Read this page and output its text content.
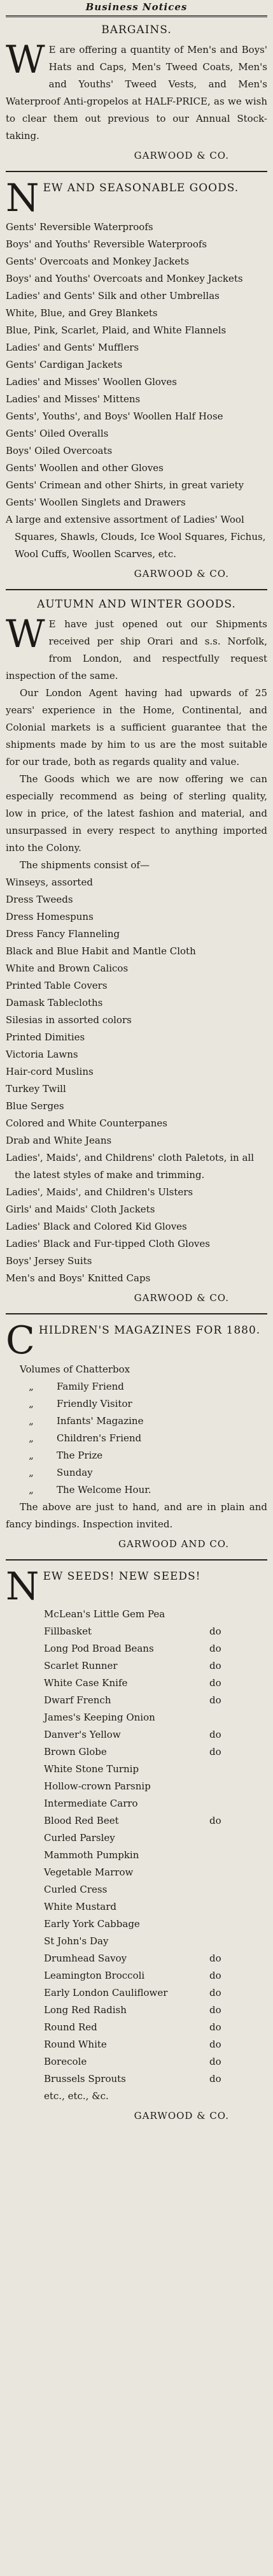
Business Notices
BARGAINS.

W E are offering a quantity of Men's and Boys' Hats and Caps, Men's Tweed Coats, Men's and Youths' Tweed Vests, and Men's Waterproof Anti-gropelos at HALF-PRICE, as we wish to clear them out previous to our Annual Stock-taking.

GARWOOD & CO.

NEW AND SEASONABLE GOODS.

Gents' Reversible Waterproofs
Boys' and Youths' Reversible Waterproofs
Gents' Overcoats and Monkey Jackets
Boys' and Youths' Overcoats and Monkey Jackets
Ladies' and Gents' Silk and other Umbrellas
White, Blue, and Grey Blankets
Blue, Pink, Scarlet, Plaid, and White Flannels
Ladies' and Gents' Mufflers
Gents' Cardigan Jackets
Ladies' and Misses' Woollen Gloves
Ladies' and Misses' Mittens
Gents', Youths', and Boys' Woollen Half Hose
Gents' Oiled Overalls
Boys' Oiled Overcoats
Gents' Woollen and other Gloves
Gents' Crimean and other Shirts, in great variety
Gents' Woollen Singlets and Drawers
A large and extensive assortment of Ladies' Wool Squares, Shawls, Clouds, Ice Wool Squares, Fichus, Wool Cuffs, Woollen Scarves, etc.
GARWOOD & CO.
AUTUMN AND WINTER GOODS.

W E have just opened out our Shipments received per ship Orari and s.s. Norfolk, from London, and respectfully request inspection of the same.

Our London Agent having had upwards of 25 years' experience in the Home, Continental, and Colonial markets is a sufficient guarantee that the shipments made by him to us are the most suitable for our trade, both as regards quality and value.

The Goods which we are now offering we can especially recommend as being of sterling quality, low in price, of the latest fashion and material, and unsurpassed in every respect to anything imported into the Colony.

The shipments consist of—

Winseys, assorted
Dress Tweeds
Dress Homespuns
Dress Fancy Flanneling
Black and Blue Habit and Mantle Cloth
White and Brown Calicos
Printed Table Covers
Damask Tablecloths
Silesias in assorted colors
Printed Dimities
Victoria Lawns
Hair-cord Muslins
Turkey Twill
Blue Serges
Colored and White Counterpanes
Drab and White Jeans
Ladies', Maids', and Childrens' cloth Paletots, in all the latest styles of make and trimming.
Ladies', Maids', and Children's Ulsters
Girls' and Maids' Cloth Jackets
Ladies' Black and Colored Kid Gloves
Ladies' Black and Fur-tipped Cloth Gloves
Boys' Jersey Suits
Men's and Boys' Knitted Caps
GARWOOD & CO.

CHILDREN'S MAGAZINES FOR 1880.

Volumes of Chatterbox
„ Family Friend
„ Friendly Visitor
„ Infants' Magazine
„ Children's Friend
„ The Prize
„ Sunday
„ The Welcome Hour.

The above are just to hand, and are in plain and fancy bindings. Inspection invited.

GARWOOD AND CO.

NEW SEEDS! NEW SEEDS!

McLean's Little Gem Pea
Fillbasket	do
Long Pod Broad Beans	do
Scarlet Runner	do
White Case Knife	do
Dwarf French	do
James's Keeping Onion
Danver's Yellow	do
Brown Globe	do
White Stone Turnip
Hollow-crown Parsnip
Intermediate Carro
Blood Red Beet	do
Curled Parsley
Mammoth Pumpkin
Vegetable Marrow
Curled Cress
White Mustard
Early York Cabbage
St John's Day
Drumhead Savoy	do
Leamington Broccoli	do
Early London Cauliflower	do
Long Red Radish	do
Round Red	do
Round White	do
Borecole	do
Brussels Sprouts	do
etc., etc., &c.
GARWOOD & CO.
